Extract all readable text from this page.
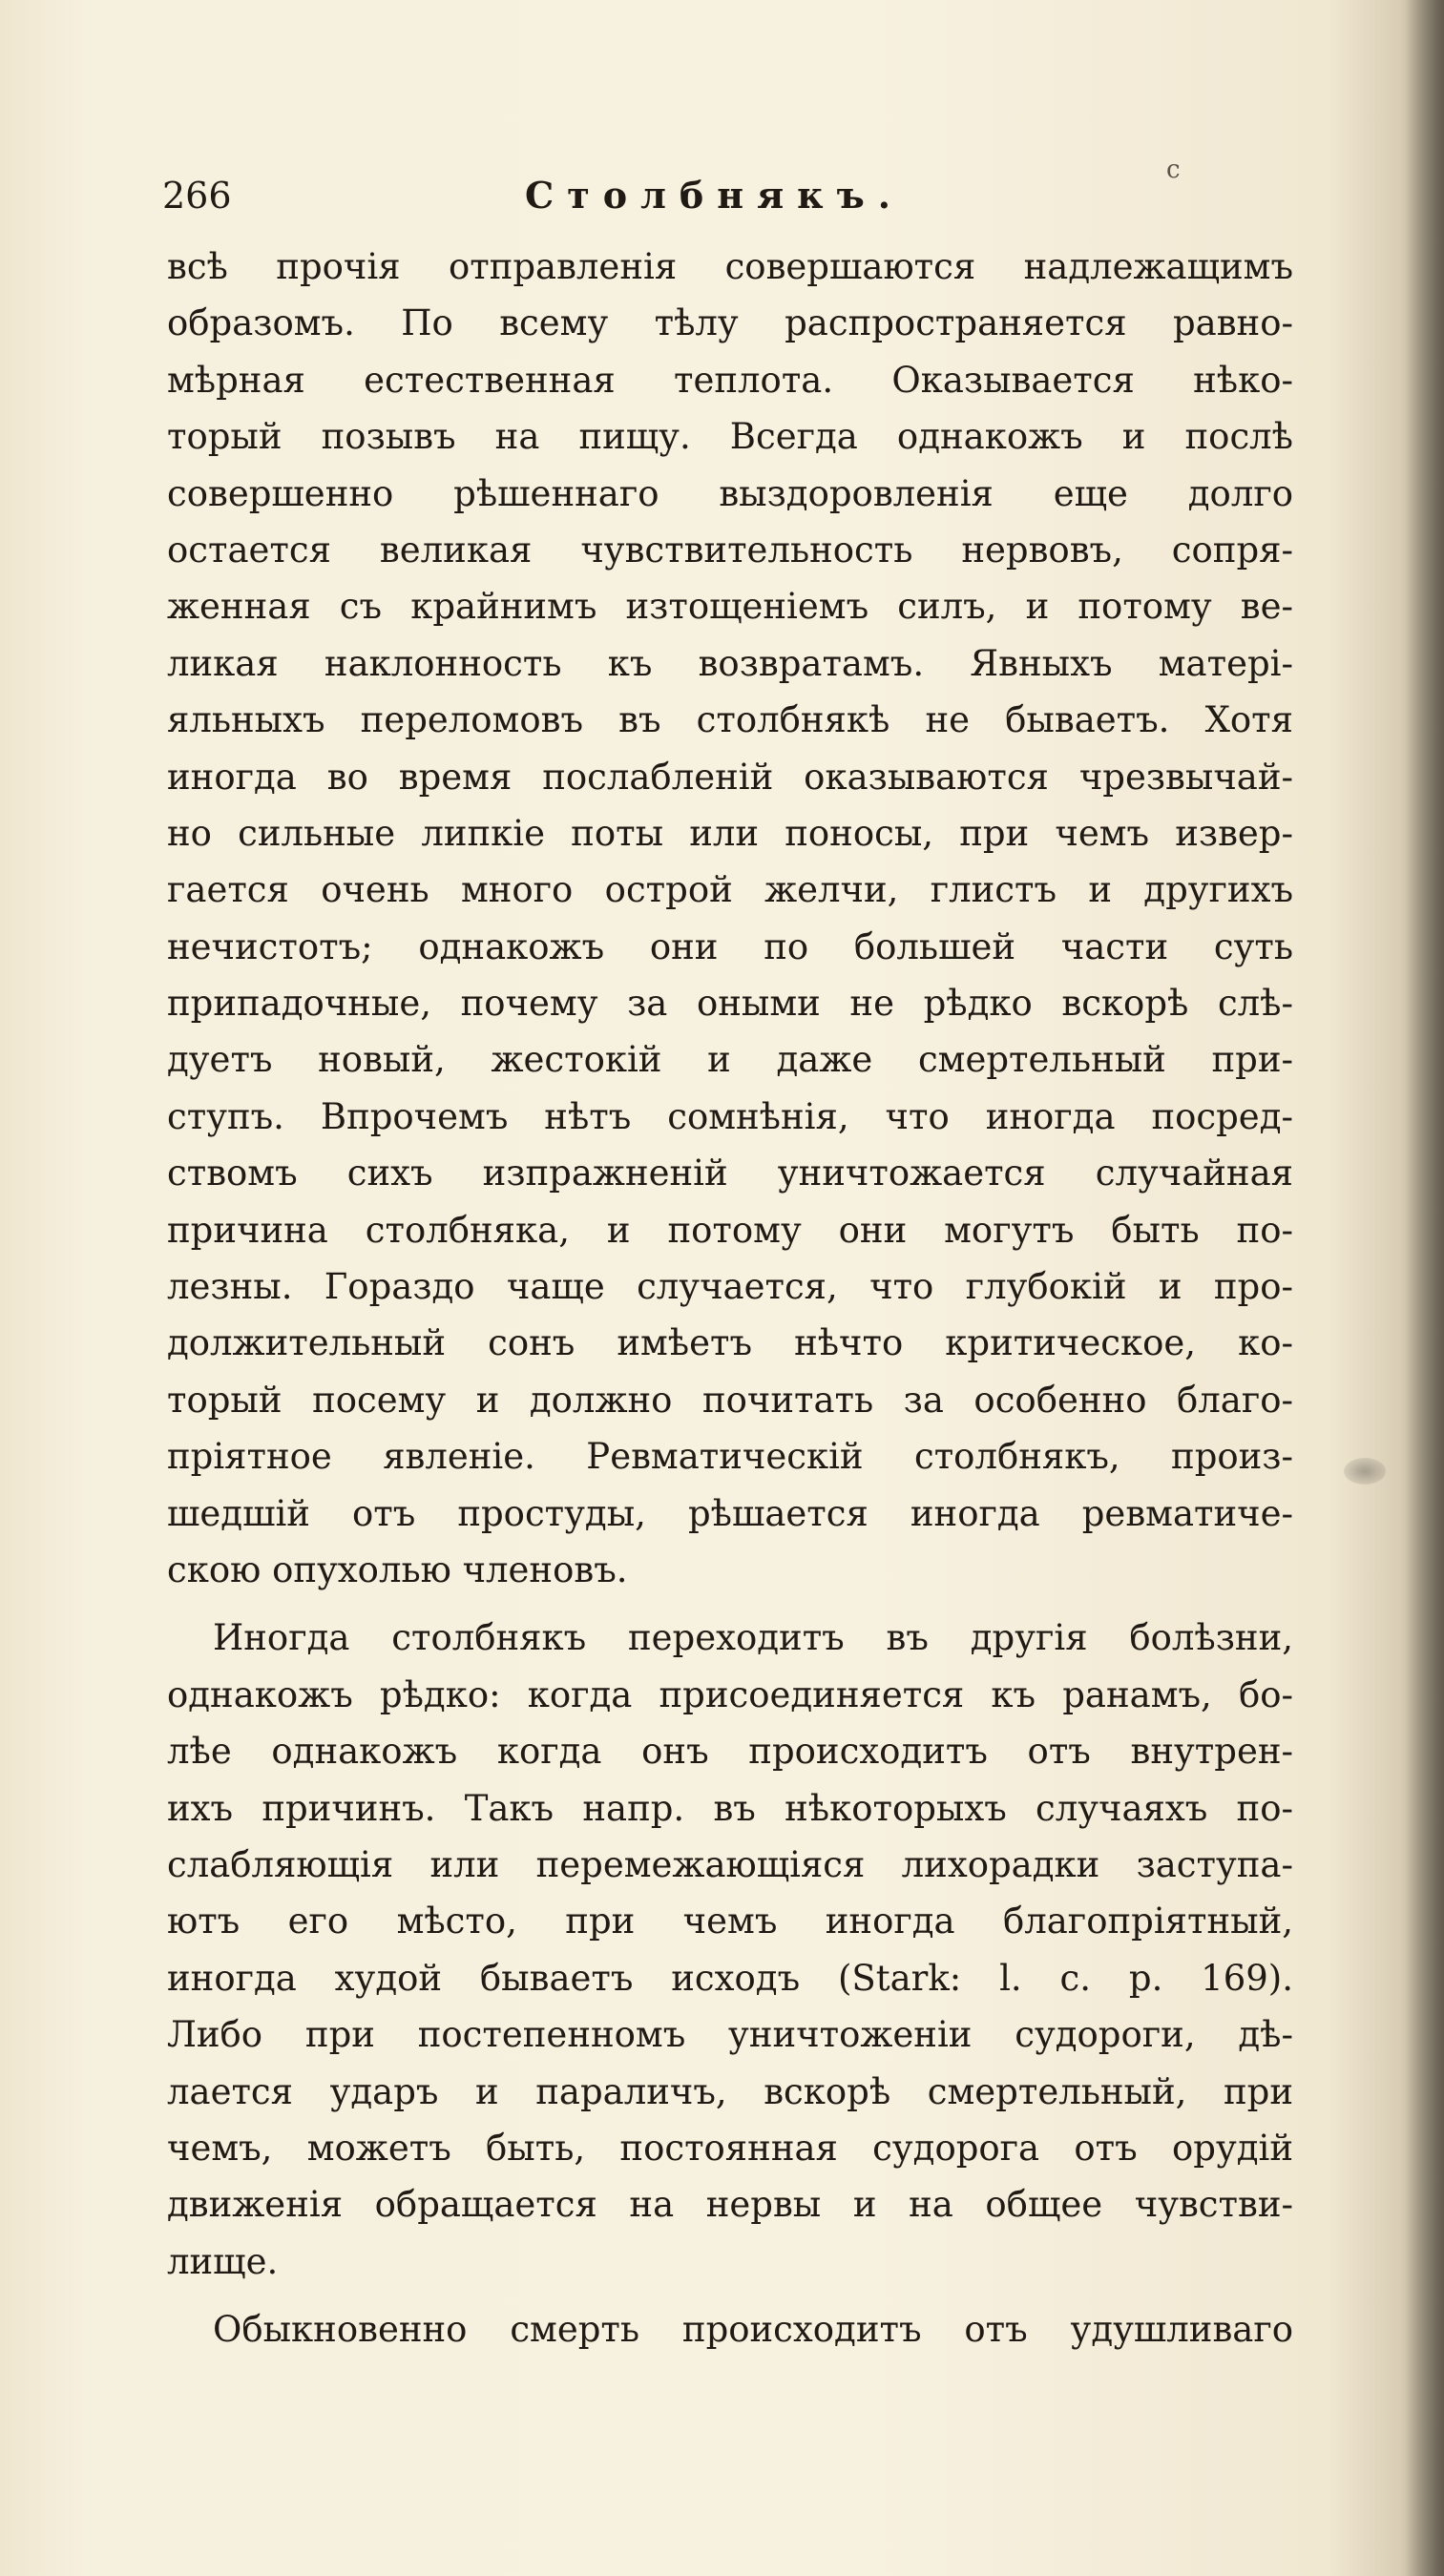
266	Столбнякъ.
c
всѣ прочія отправленія совершаются надлежащимъ
образомъ. По всему тѣлу распространяется равно-
мѣрная естественная теплота. Оказывается нѣко-
торый позывъ на пищу. Всегда однакожъ и послѣ
совершенно рѣшеннаго выздоровленія еще долго
остается великая чувствительность нервовъ, сопря-
женная съ крайнимъ изтощеніемъ силъ, и потому ве-
ликая наклонность къ возвратамъ. Явныхъ матері-
яльныхъ переломовъ въ столбнякѣ не бываетъ. Хотя
иногда во время послабленій оказываются чрезвычай-
но сильные липкіе поты или поносы, при чемъ извер-
гается очень много острой желчи, глистъ и другихъ
нечистотъ; однакожъ они по большей части суть
припадочные, почему за оными не рѣдко вскорѣ слѣ-
дуетъ новый, жестокій и даже смертельный при-
ступъ. Впрочемъ нѣтъ сомнѣнія, что иногда посред-
ствомъ сихъ изпражненій уничтожается случайная
причина столбняка, и потому они могутъ быть по-
лезны. Гораздо чаще случается, что глубокій и про-
должительный сонъ имѣетъ нѣчто критическое, ко-
торый посему и должно почитать за особенно благо-
пріятное явленіе. Ревматическій столбнякъ, произ-
шедшій отъ простуды, рѣшается иногда ревматиче-
скою опухолью членовъ.
Иногда столбнякъ переходитъ въ другія болѣзни,
однакожъ рѣдко: когда присоединяется къ ранамъ, бо-
лѣе однакожъ когда онъ происходитъ отъ внутрен-
ихъ причинъ. Такъ напр. въ нѣкоторыхъ случаяхъ по-
слабляющія или перемежающіяся лихорадки заступа-
ютъ его мѣсто, при чемъ иногда благопріятный,
иногда худой бываетъ исходъ (Stark: l. c. p. 169).
Либо при постепенномъ уничтоженіи судороги, дѣ-
лается ударъ и параличъ, вскорѣ смертельный, при
чемъ, можетъ быть, постоянная судорога отъ орудій
движенія обращается на нервы и на общее чувстви-
лище.
Обыкновенно смерть происходитъ отъ удушливаго
